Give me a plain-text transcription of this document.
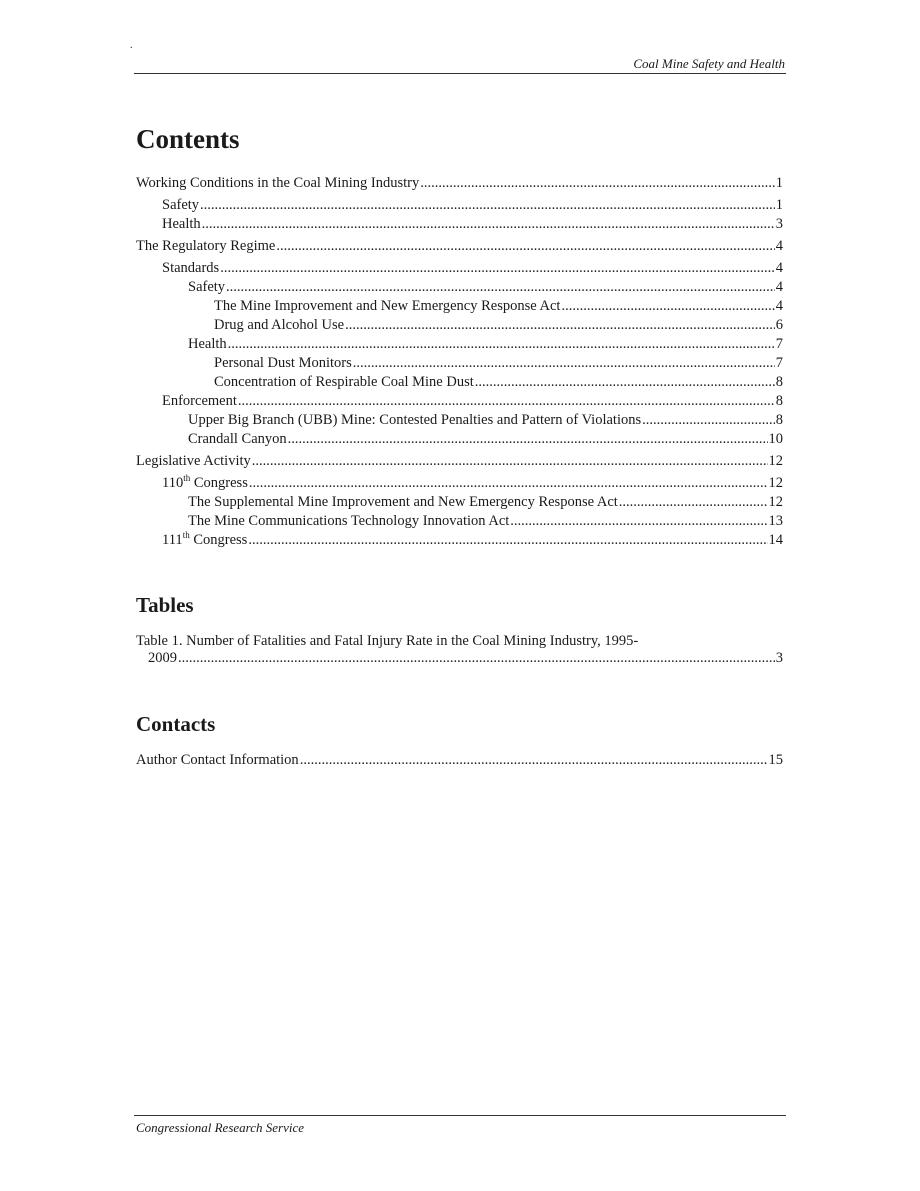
.
Coal Mine Safety and Health
Contents
Working Conditions in the Coal Mining Industry .....	1
Safety .....	1
Health .....	3
The Regulatory Regime .....	4
Standards .....	4
Safety .....	4
The Mine Improvement and New Emergency Response Act .....	4
Drug and Alcohol Use .....	6
Health .....	7
Personal Dust Monitors .....	7
Concentration of Respirable Coal Mine Dust .....	8
Enforcement .....	8
Upper Big Branch (UBB) Mine: Contested Penalties and Pattern of Violations .....	8
Crandall Canyon .....	10
Legislative Activity .....	12
110th Congress .....	12
The Supplemental Mine Improvement and New Emergency Response Act .....	12
The Mine Communications Technology Innovation Act .....	13
111th Congress .....	14
Tables
Table 1. Number of Fatalities and Fatal Injury Rate in the Coal Mining Industry, 1995-
2009 .....	3
Contacts
Author Contact Information .....	15
Congressional Research Service
